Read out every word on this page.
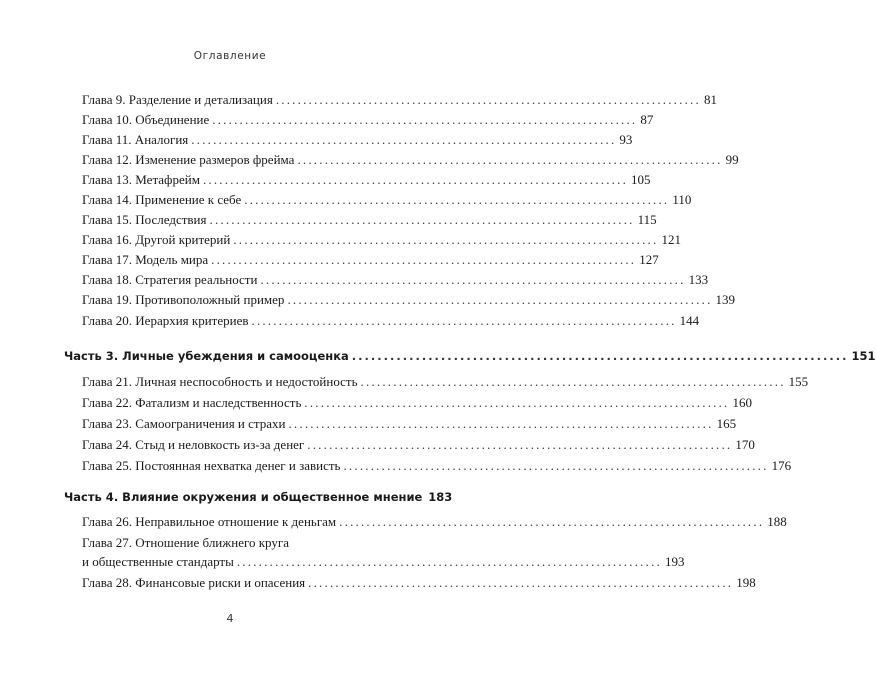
Оглавление
Глава 9. Разделение и детализация .............................................................................. 81
Глава 10. Объединение .............................................................................. 87
Глава 11. Аналогия .............................................................................. 93
Глава 12. Изменение размеров фрейма .............................................................................. 99
Глава 13. Метафрейм .............................................................................. 105
Глава 14. Применение к себе .............................................................................. 110
Глава 15. Последствия .............................................................................. 115
Глава 16. Другой критерий .............................................................................. 121
Глава 17. Модель мира .............................................................................. 127
Глава 18. Стратегия реальности .............................................................................. 133
Глава 19. Противоположный пример .............................................................................. 139
Глава 20. Иерархия критериев .............................................................................. 144
Часть 3. Личные убеждения и самооценка .............................................................................. 151
Глава 21. Личная неспособность и недостойность .............................................................................. 155
Глава 22. Фатализм и наследственность .............................................................................. 160
Глава 23. Самоограничения и страхи .............................................................................. 165
Глава 24. Стыд и неловкость из-за денег .............................................................................. 170
Глава 25. Постоянная нехватка денег и зависть .............................................................................. 176
Часть 4. Влияние окружения и общественное мнение 183
Глава 26. Неправильное отношение к деньгам .............................................................................. 188
Глава 27. Отношение ближнего круга
и общественные стандарты .............................................................................. 193
Глава 28. Финансовые риски и опасения .............................................................................. 198
4
